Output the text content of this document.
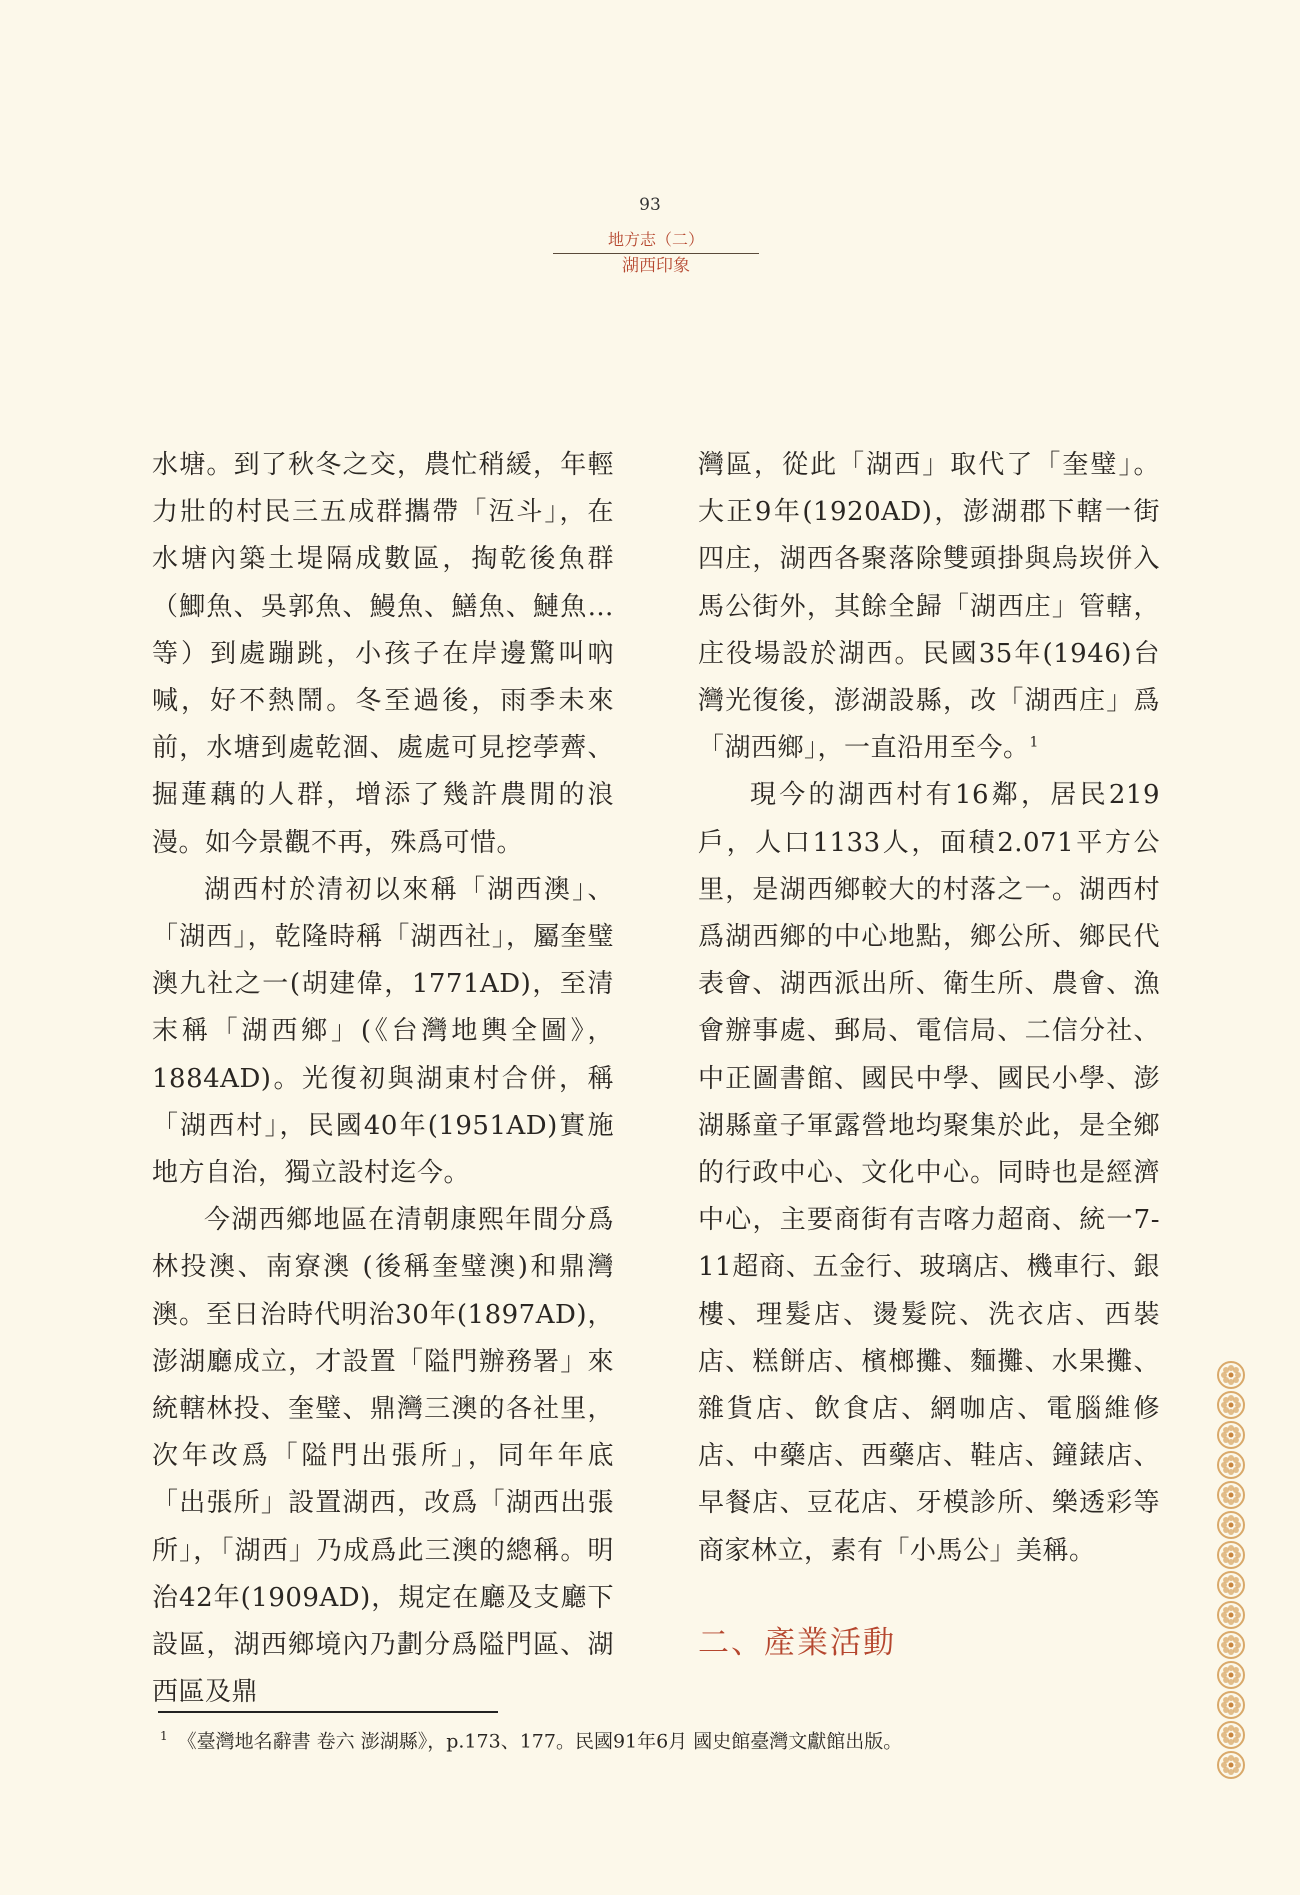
93
地方志（二）
湖西印象

水塘。到了秋冬之交，農忙稍緩，年輕力壯的村民三五成群攜帶「沍斗」，在水塘內築土堤隔成數區，掏乾後魚群（鯽魚、吳郭魚、鰻魚、鱔魚、鰱魚…等）到處蹦跳，小孩子在岸邊驚叫吶喊，好不熱鬧。冬至過後，雨季未來前，水塘到處乾涸、處處可見挖荸薺、掘蓮藕的人群，增添了幾許農閒的浪漫。如今景觀不再，殊爲可惜。

湖西村於清初以來稱「湖西澳」、「湖西」，乾隆時稱「湖西社」，屬奎璧澳九社之一(胡建偉，1771AD)，至清末稱「湖西鄉」(《台灣地輿全圖》，1884AD)。光復初與湖東村合併，稱「湖西村」，民國40年(1951AD)實施地方自治，獨立設村迄今。

今湖西鄉地區在清朝康熙年間分爲林投澳、南寮澳 (後稱奎璧澳)和鼎灣澳。至日治時代明治30年(1897AD)，澎湖廳成立，才設置「隘門辦務署」來統轄林投、奎璧、鼎灣三澳的各社里，次年改爲「隘門出張所」，同年年底「出張所」設置湖西，改爲「湖西出張所」，「湖西」乃成爲此三澳的總稱。明治42年(1909AD)，規定在廳及支廳下設區，湖西鄉境內乃劃分爲隘門區、湖西區及鼎

灣區，從此「湖西」取代了「奎璧」。大正9年(1920AD)，澎湖郡下轄一街四庄，湖西各聚落除雙頭掛與烏崁併入馬公街外，其餘全歸「湖西庄」管轄，庄役場設於湖西。民國35年(1946)台灣光復後，澎湖設縣，改「湖西庄」爲「湖西鄉」，一直沿用至今。$^1$

現今的湖西村有16鄰，居民219戶，人口1133人，面積2.071平方公里，是湖西鄉較大的村落之一。湖西村爲湖西鄉的中心地點，鄉公所、鄉民代表會、湖西派出所、衛生所、農會、漁會辦事處、郵局、電信局、二信分社、中正圖書館、國民中學、國民小學、澎湖縣童子軍露營地均聚集於此，是全鄉的行政中心、文化中心。同時也是經濟中心，主要商街有吉喀力超商、統一7-11超商、五金行、玻璃店、機車行、銀樓、理髮店、燙髮院、洗衣店、西裝店、糕餅店、檳榔攤、麵攤、水果攤、雜貨店、飲食店、網咖店、電腦維修店、中藥店、西藥店、鞋店、鐘錶店、早餐店、豆花店、牙模診所、樂透彩等商家林立，素有「小馬公」美稱。

二、產業活動
$^1$ 《臺灣地名辭書 卷六 澎湖縣》，p.173、177。民國91年6月 國史館臺灣文獻館出版。
